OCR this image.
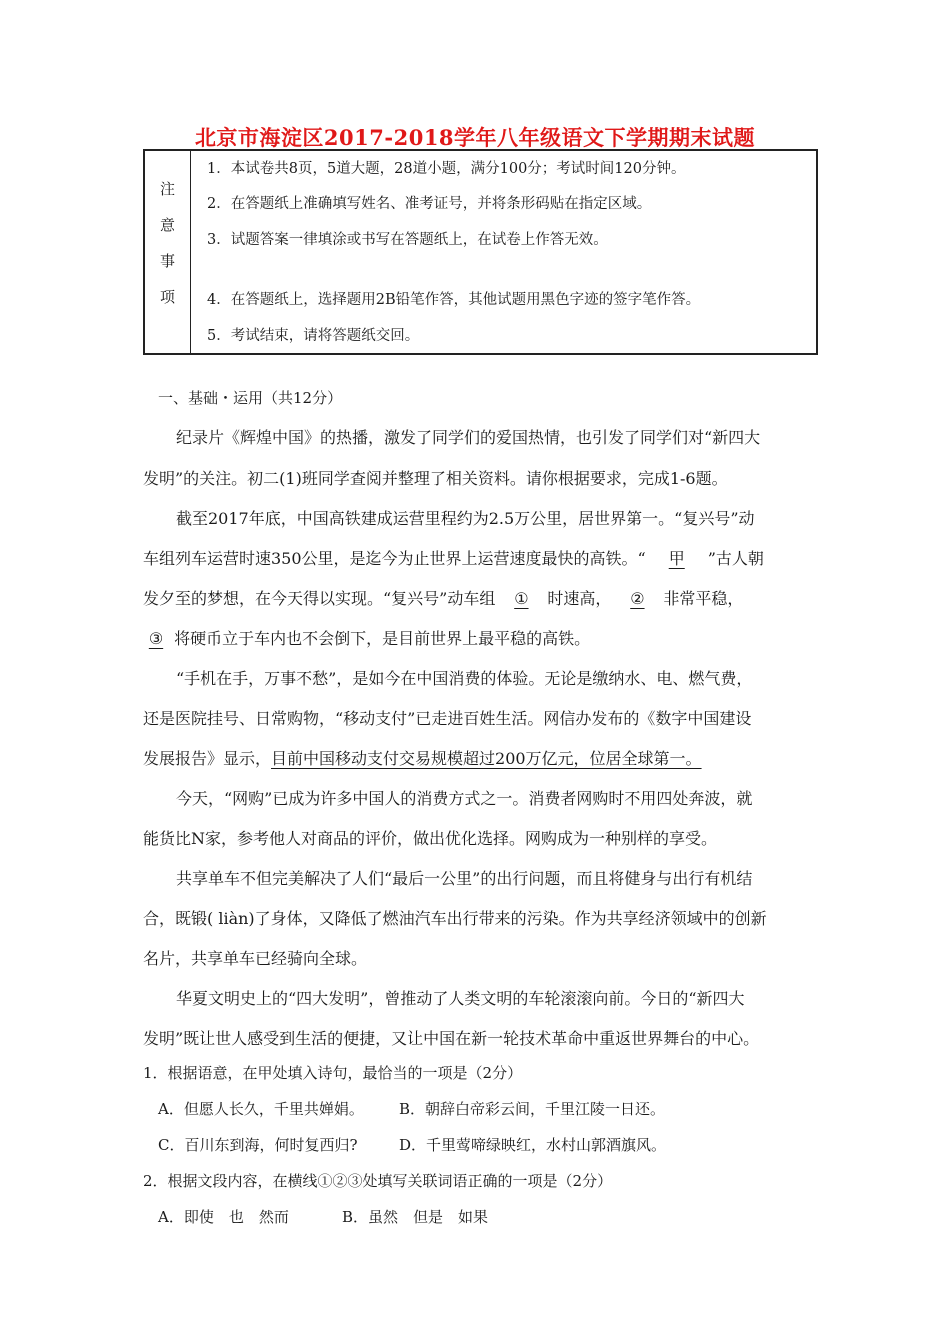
北京市海淀区2017-2018学年八年级语文下学期期末试题
注
意
事
项
1．本试卷共8页，5道大题，28道小题，满分100分；考试时间120分钟。
2．在答题纸上准确填写姓名、准考证号，并将条形码贴在指定区域。
3．试题答案一律填涂或书写在答题纸上，在试卷上作答无效。
4．在答题纸上，选择题用2B铅笔作答，其他试题用黑色字迹的签字笔作答。
5．考试结束，请将答题纸交回。
一、基础・运用（共12分）
纪录片《辉煌中国》的热播，激发了同学们的爱国热情，也引发了同学们对“新四大
发明”的关注。初二(1)班同学查阅并整理了相关资料。请你根据要求，完成1-6题。
截至2017年底，中国高铁建成运营里程约为2.5万公里，居世界第一。“复兴号”动
车组列车运营时速350公里，是迄今为止世界上运营速度最快的高铁。“ 甲 ”古人朝
发夕至的梦想，在今天得以实现。“复兴号”动车组 ① 时速高， ② 非常平稳，
③ 将硬币立于车内也不会倒下，是目前世界上最平稳的高铁。
“手机在手，万事不愁”，是如今在中国消费的体验。无论是缴纳水、电、燃气费，
还是医院挂号、日常购物，“移动支付”已走进百姓生活。网信办发布的《数字中国建设
发展报告》显示，目前中国移动支付交易规模超过200万亿元，位居全球第一。
今天，“网购”已成为许多中国人的消费方式之一。消费者网购时不用四处奔波，就
能货比N家，参考他人对商品的评价，做出优化选择。网购成为一种别样的享受。
共享单车不但完美解决了人们“最后一公里”的出行问题，而且将健身与出行有机结
合，既锻( liàn)了身体，又降低了燃油汽车出行带来的污染。作为共享经济领域中的创新
名片，共享单车已经骑向全球。
华夏文明史上的“四大发明”，曾推动了人类文明的车轮滚滚向前。今日的“新四大
发明”既让世人感受到生活的便捷，又让中国在新一轮技术革命中重返世界舞台的中心。
1．根据语意，在甲处填入诗句，最恰当的一项是（2分）
A．但愿人长久，千里共婵娟。 B．朝辞白帝彩云间，千里江陵一日还。
C．百川东到海，何时复西归?	D．千里莺啼绿映红，水村山郭酒旗风。
2．根据文段内容，在横线①②③处填写关联词语正确的一项是（2分）
A．即使　也　然而	B．虽然　但是　如果
